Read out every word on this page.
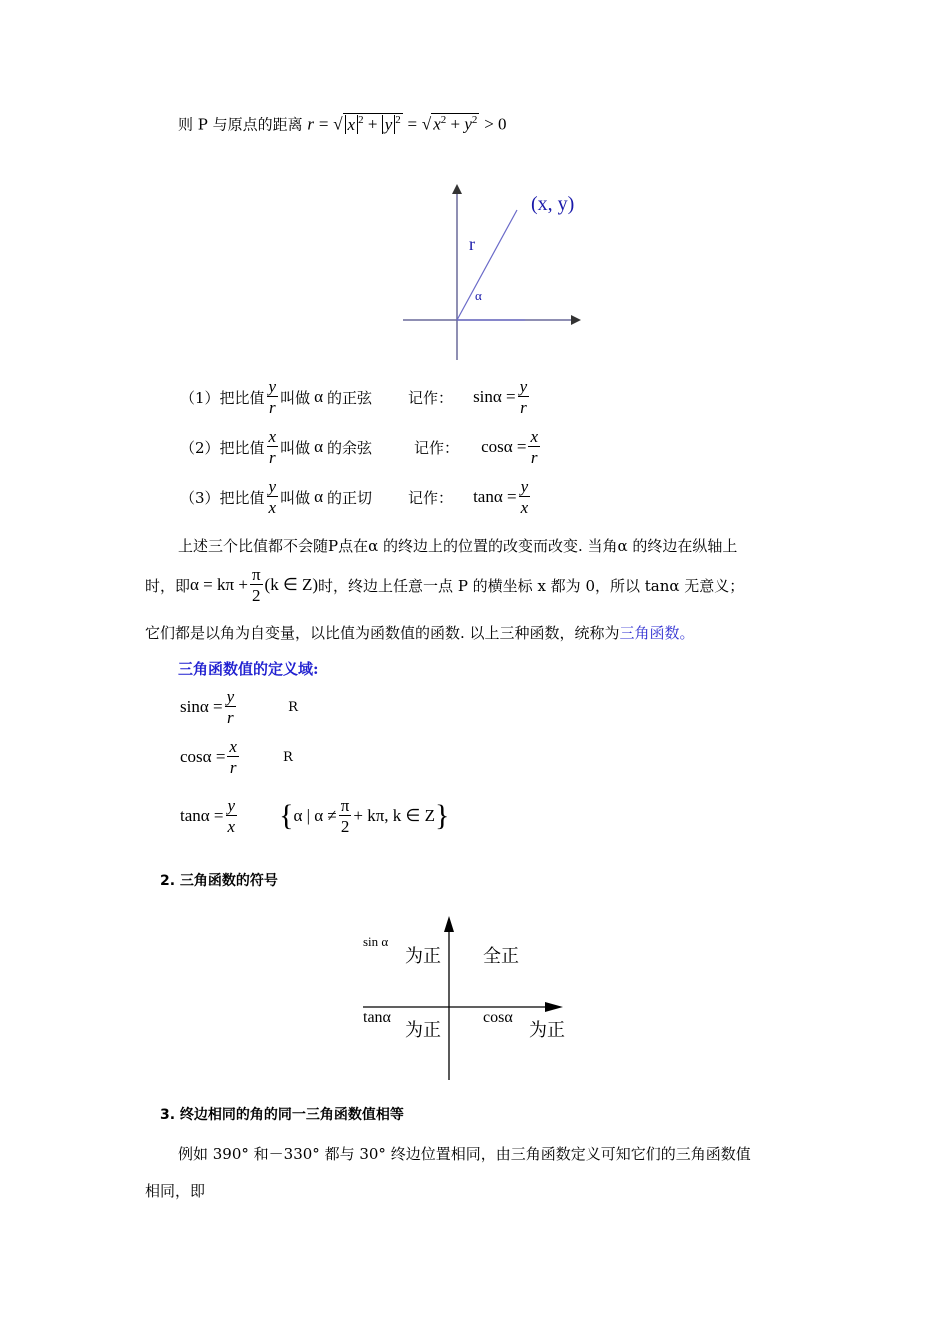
则 P 与原点的距离 r = √ x $^2$ + y $^2$ = √ $x^2 + y^2 > 0$
(x, y)
r
α
（1）把比值 $\frac{y}{r}$ 叫做 α 的正弦 记作： $\sin\alpha = \frac{y}{r}$
（2）把比值 $\frac{x}{r}$ 叫做 α 的余弦	记作： $\cos\alpha = \frac{x}{r}$
（3）把比值 $\frac{y}{x}$ 叫做 α 的正切 记作： $\tan\alpha = \frac{y}{x}$
上述三个比值都不会随P点在α 的终边上的位置的改变而改变. 当角α 的终边在纵轴上
时，即 $\alpha = k\pi + \frac{\pi}{2} (k$ ∈ Z) 时，终边上任意一点 P 的横坐标 x 都为 0，所以 tanα 无意义；
它们都是以角为自变量，以比值为函数值的函数. 以上三种函数，统称为三角函数。
三角函数值的定义域:
$\sin\alpha = \frac{y}{r}$	R
$\cos\alpha = \frac{x}{r}$	R
$\tan\alpha = \frac{y}{x}$ { α | $\alpha \ne \frac{\pi}{2} + k\pi$, k ∈ Z }
2. 三角函数的符号
sin α
为正 全正
tanα
为正
cosα
为正
3. 终边相同的角的同一三角函数值相等
例如 390° 和－330° 都与 30° 终边位置相同，由三角函数定义可知它们的三角函数值
相同，即
